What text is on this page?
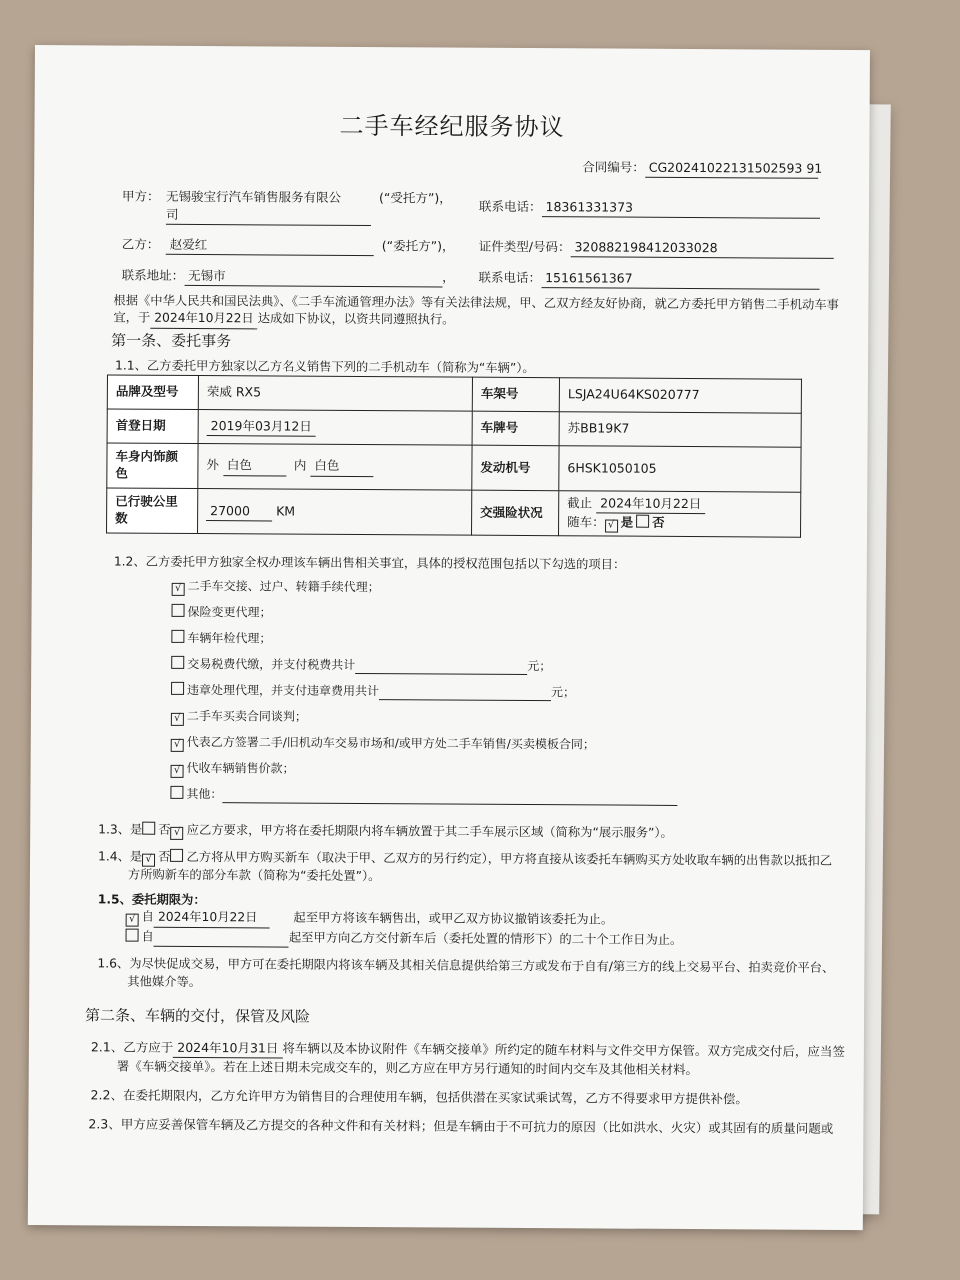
二手车经纪服务协议
合同编号： CG20241022131502593 91
甲方： 无锡骏宝行汽车销售服务有限公
司
(“受托方”)，
联系电话： 18361331373
乙方： 赵爱红	(“委托方”)， 证件类型/号码： 320882198412033028
联系地址： 无锡市	， 联系电话： 15161561367
根据《中华人民共和国民法典》、《二手车流通管理办法》等有关法律法规，甲、乙双方经友好协商，就乙方委托甲方销售二手机动车事
宜，于 2024年10月22日 达成如下协议，以资共同遵照执行。
第一条、委托事务
1.1、乙方委托甲方独家以乙方名义销售下列的二手机动车（简称为“车辆”）。
品牌及型号	荣威 RX5	车架号	LSJA24U64KS020777
首登日期	2019年03月12日	车牌号	苏BB19K7
车身内饰颜色	外 白色 内 白色	发动机号	6HSK1050105
已行驶公里数	27000 KM	交强险状况	截止 2024年10月22日
随车： √ 是 否
1.2、乙方委托甲方独家全权办理该车辆出售相关事宜，具体的授权范围包括以下勾选的项目：
√ 二手车交接、过户、转籍手续代理；
保险变更代理；
车辆年检代理；
交易税费代缴，并支付税费共计	元；
违章处理代理，并支付违章费用共计	元；
√ 二手车买卖合同谈判；
√ 代表乙方签署二手/旧机动车交易市场和/或甲方处二手车销售/买卖模板合同；
√ 代收车辆销售价款；
其他：
1.3、是 否 √ 应乙方要求，甲方将在委托期限内将车辆放置于其二手车展示区域（简称为“展示服务”）。
1.4、是 √ 否 乙方将从甲方购买新车（取决于甲、乙双方的另行约定），甲方将直接从该委托车辆购买方处收取车辆的出售款以抵扣乙
方所购新车的部分车款（简称为“委托处置”）。
1.5、委托期限为：
√ 自 2024年10月22日	起至甲方将该车辆售出，或甲乙双方协议撤销该委托为止。
自	起至甲方向乙方交付新车后（委托处置的情形下）的二十个工作日为止。
1.6、为尽快促成交易，甲方可在委托期限内将该车辆及其相关信息提供给第三方或发布于自有/第三方的线上交易平台、拍卖竞价平台、
其他媒介等。
第二条、车辆的交付，保管及风险
2.1、乙方应于 2024年10月31日 将车辆以及本协议附件《车辆交接单》所约定的随车材料与文件交甲方保管。双方完成交付后，应当签
署《车辆交接单》。若在上述日期未完成交车的，则乙方应在甲方另行通知的时间内交车及其他相关材料。
2.2、在委托期限内，乙方允许甲方为销售目的合理使用车辆，包括供潜在买家试乘试驾，乙方不得要求甲方提供补偿。
2.3、甲方应妥善保管车辆及乙方提交的各种文件和有关材料；但是车辆由于不可抗力的原因（比如洪水、火灾）或其固有的质量问题或
